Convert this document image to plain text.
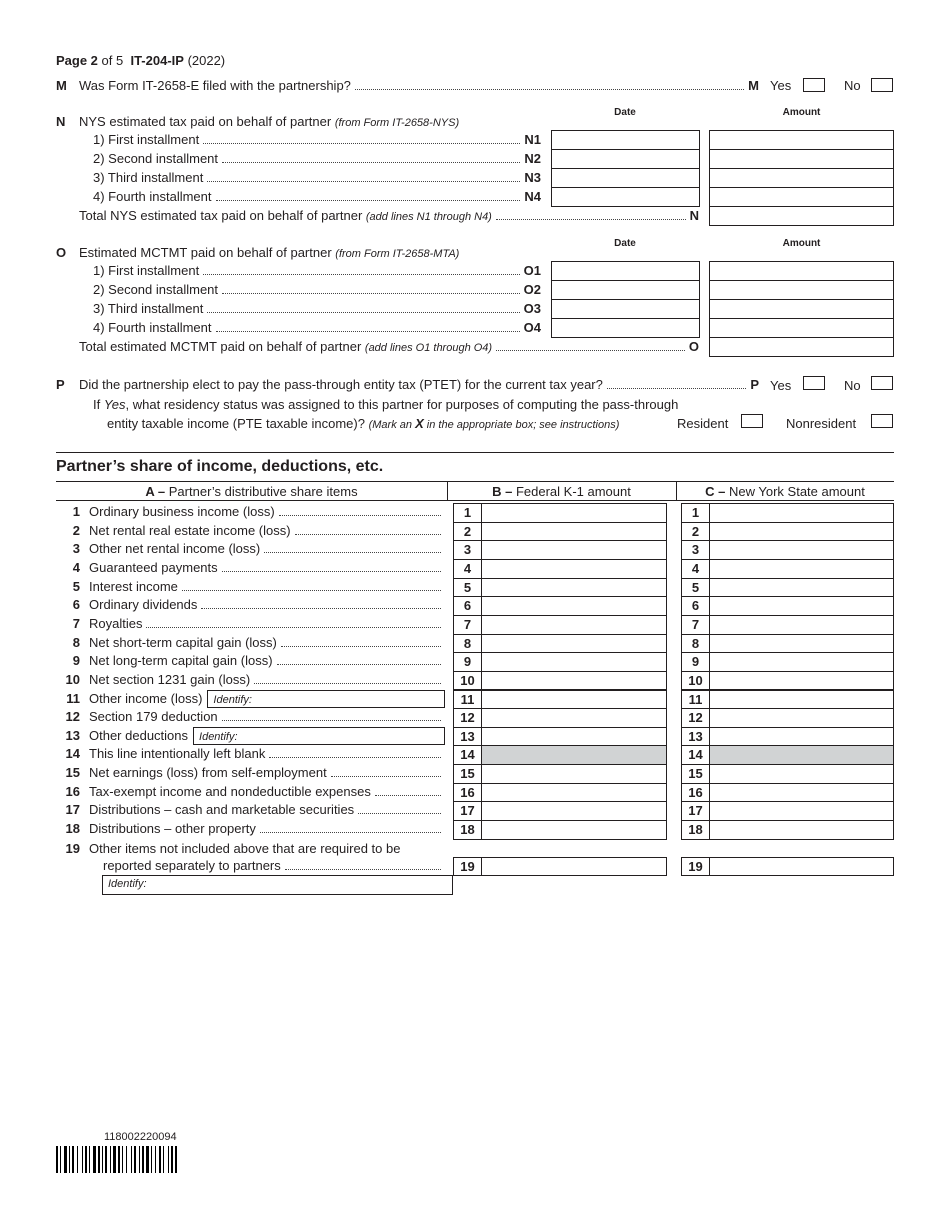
Page 2 of 5 IT-204-IP (2022)
M Was Form IT-2658-E filed with the partnership?	M Yes	No
N NYS estimated tax paid on behalf of partner (from Form IT-2658-NYS)
Date	Amount
1) First installment	N1
2) Second installment	N2
3) Third installment	N3
4) Fourth installment	N4
Total NYS estimated tax paid on behalf of partner (add lines N1 through N4)	N
O Estimated MCTMT paid on behalf of partner (from Form IT-2658-MTA)
Date	Amount
1) First installment	O1
2) Second installment	O2
3) Third installment	O3
4) Fourth installment	O4
Total estimated MCTMT paid on behalf of partner (add lines O1 through O4)	O
P Did the partnership elect to pay the pass-through entity tax (PTET) for the current tax year?	P Yes	No
If Yes, what residency status was assigned to this partner for purposes of computing the pass-through
entity taxable income (PTE taxable income)? (Mark an X in the appropriate box; see instructions)	Resident	Nonresident
Partner’s share of income, deductions, etc.
A – Partner’s distributive share items	B – Federal K-1 amount	C – New York State amount
1 Ordinary business income (loss)	1	1
2 Net rental real estate income (loss)	2	2
3 Other net rental income (loss)	3	3
4 Guaranteed payments	4	4
5 Interest income	5	5
6 Ordinary dividends	6	6
7 Royalties	7	7
8 Net short-term capital gain (loss)	8	8
9 Net long-term capital gain (loss)	9	9
10 Net section 1231 gain (loss)	10	10
11 Other income (loss)	Identify:	11	11
12 Section 179 deduction	12	12
13 Other deductions	Identify:	13	13
14 This line intentionally left blank	14	14
15 Net earnings (loss) from self-employment	15	15
16 Tax-exempt income and nondeductible expenses	16	16
17 Distributions – cash and marketable securities	17	17
18 Distributions – other property	18	18
19 Other items not included above that are required to be
reported separately to partners	19	19
Identify:
118002220094
